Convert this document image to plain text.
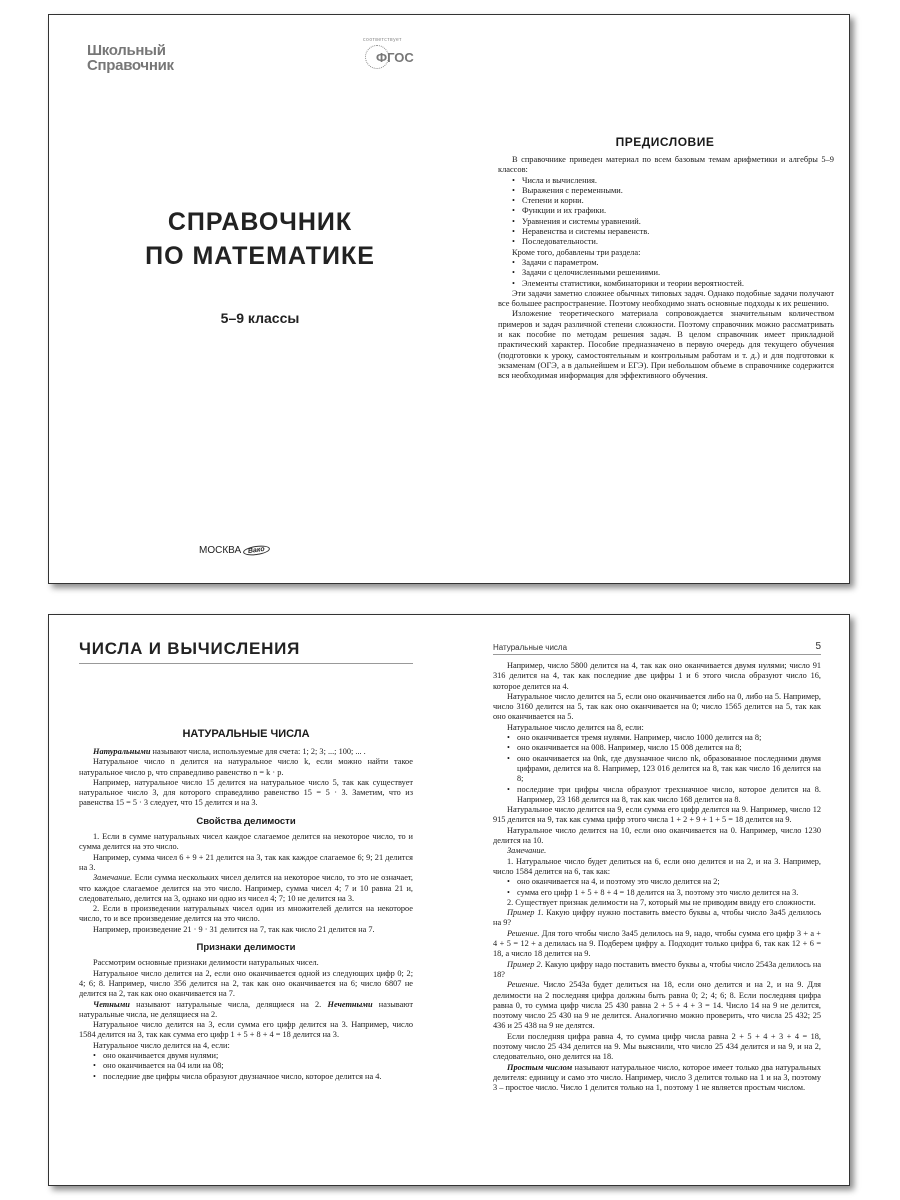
Школьный
Справочник
соответствует
ФГОС
СПРАВОЧНИК
ПО МАТЕМАТИКЕ
5–9 классы
МОСКВА Вако
ПРЕДИСЛОВИЕ

В справочнике приведен материал по всем базовым темам арифметики и алгебры 5–9 классов:

• Числа и вычисления.
• Выражения с переменными.
• Степени и корни.
• Функции и их графики.
• Уравнения и системы уравнений.
• Неравенства и системы неравенств.
• Последовательности.

Кроме того, добавлены три раздела:

• Задачи с параметром.
• Задачи с целочисленными решениями.
• Элементы статистики, комбинаторики и теории вероятностей.

Эти задачи заметно сложнее обычных типовых задач. Однако подобные задачи получают все большее распространение. Поэтому необходимо знать основные подходы к их решению.

Изложение теоретического материала сопровождается значительным количеством примеров и задач различной степени сложности. Поэтому справочник можно рассматривать и как пособие по методам решения задач. В целом справочник имеет прикладной практический характер. Пособие предназначено в первую очередь для текущего обучения (подготовки к уроку, самостоятельным и контрольным работам и т. д.) и для подготовки к экзаменам (ОГЭ, а в дальнейшем и ЕГЭ). При небольшом объеме в справочнике содержится вся необходимая информация для эффективного обучения.

ЧИСЛА И ВЫЧИСЛЕНИЯ
НАТУРАЛЬНЫЕ ЧИСЛА

Натуральными называют числа, используемые для счета: 1; 2; 3; ...; 100; ... .

Натуральное число n делится на натуральное число k, если можно найти такое натуральное число p, что справедливо равенство n = k · p.

Например, натуральное число 15 делится на натуральное число 5, так как существует натуральное число 3, для которого справедливо равенство 15 = 5 · 3. Заметим, что из равенства 15 = 5 · 3 следует, что 15 делится и на 3.

Свойства делимости

1. Если в сумме натуральных чисел каждое слагаемое делится на некоторое число, то и сумма делится на это число.

Например, сумма чисел 6 + 9 + 21 делится на 3, так как каждое слагаемое 6; 9; 21 делится на 3.

Замечание. Если сумма нескольких чисел делится на некоторое число, то это не означает, что каждое слагаемое делится на это число. Например, сумма чисел 4; 7 и 10 равна 21 и, следовательно, делится на 3, однако ни одно из чисел 4; 7; 10 не делится на 3.

2. Если в произведении натуральных чисел один из множителей делится на некоторое число, то и все произведение делится на это число.

Например, произведение 21 · 9 · 31 делится на 7, так как число 21 делится на 7.

Признаки делимости

Рассмотрим основные признаки делимости натуральных чисел.

Натуральное число делится на 2, если оно оканчивается одной из следующих цифр 0; 2; 4; 6; 8. Например, число 356 делится на 2, так как оно оканчивается на 6; число 6807 не делится на 2, так как оно оканчивается на 7.

Четными называют натуральные числа, делящиеся на 2. Нечетными называют натуральные числа, не делящиеся на 2.

Натуральное число делится на 3, если сумма его цифр делится на 3. Например, число 1584 делится на 3, так как сумма его цифр 1 + 5 + 8 + 4 = 18 делится на 3.

Натуральное число делится на 4, если:

• оно оканчивается двумя нулями;
• оно оканчивается на 04 или на 08;
• последние две цифры числа образуют двузначное число, которое делится на 4.
Натуральные числа	5

Например, число 5800 делится на 4, так как оно оканчивается двумя нулями; число 91 316 делится на 4, так как последние две цифры 1 и 6 этого числа образуют число 16, которое делится на 4.

Натуральное число делится на 5, если оно оканчивается либо на 0, либо на 5. Например, число 3160 делится на 5, так как оно оканчивается на 0; число 1565 делится на 5, так как оно оканчивается на 5.

Натуральное число делится на 8, если:

• оно оканчивается тремя нулями. Например, число 1000 делится на 8;
• оно оканчивается на 008. Например, число 15 008 делится на 8;
• оно оканчивается на 0nk, где двузначное число nk, образованное последними двумя цифрами, делится на 8. Например, 123 016 делится на 8, так как число 16 делится на 8;
• последние три цифры числа образуют трехзначное число, которое делится на 8. Например, 23 168 делится на 8, так как число 168 делится на 8.

Натуральное число делится на 9, если сумма его цифр делится на 9. Например, число 12 915 делится на 9, так как сумма цифр этого числа 1 + 2 + 9 + 1 + 5 = 18 делится на 9.

Натуральное число делится на 10, если оно оканчивается на 0. Например, число 1230 делится на 10.

Замечание.

1. Натуральное число будет делиться на 6, если оно делится и на 2, и на 3. Например, число 1584 делится на 6, так как:

• оно оканчивается на 4, и поэтому это число делится на 2;
• сумма его цифр 1 + 5 + 8 + 4 = 18 делится на 3, поэтому это число делится на 3.

2. Существует признак делимости на 7, который мы не приводим ввиду его сложности.

Пример 1. Какую цифру нужно поставить вместо буквы a, чтобы число 3a45 делилось на 9?

Решение. Для того чтобы число 3a45 делилось на 9, надо, чтобы сумма его цифр 3 + a + 4 + 5 = 12 + a делилась на 9. Подберем цифру a. Подходит только цифра 6, так как 12 + 6 = 18, а число 18 делится на 9.

Пример 2. Какую цифру надо поставить вместо буквы a, чтобы число 2543a делилось на 18?

Решение. Число 2543a будет делиться на 18, если оно делится и на 2, и на 9. Для делимости на 2 последняя цифра должны быть равна 0; 2; 4; 6; 8. Если последняя цифра равна 0, то сумма цифр числа 25 430 равна 2 + 5 + 4 + 3 = 14. Число 14 на 9 не делится, поэтому число 25 430 на 9 не делится. Аналогично можно проверить, что числа 25 432; 25 436 и 25 438 на 9 не делятся.

Если последняя цифра равна 4, то сумма цифр числа равна 2 + 5 + 4 + 3 + 4 = 18, поэтому число 25 434 делится на 9. Мы выяснили, что число 25 434 делится и на 9, и на 2, следовательно, оно делится на 18.

Простым числом называют натуральное число, которое имеет только два натуральных делителя: единицу и само это число. Например, число 3 делится только на 1 и на 3, поэтому 3 – простое число. Число 1 делится только на 1, поэтому 1 не является простым числом.
